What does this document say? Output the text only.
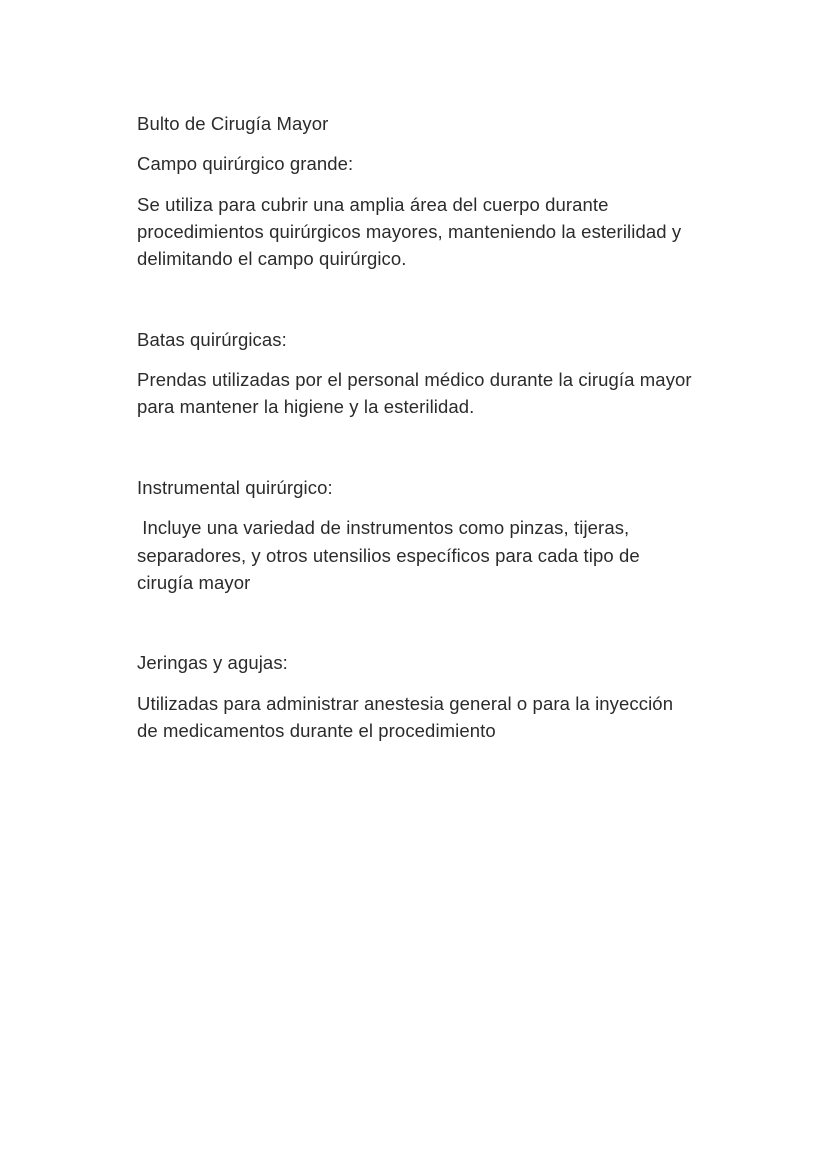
Bulto de Cirugía Mayor
Campo quirúrgico grande:
Se utiliza para cubrir una amplia área del cuerpo durante
procedimientos quirúrgicos mayores, manteniendo la esterilidad y
delimitando el campo quirúrgico.
Batas quirúrgicas:
Prendas utilizadas por el personal médico durante la cirugía mayor
para mantener la higiene y la esterilidad.
Instrumental quirúrgico:
Incluye una variedad de instrumentos como pinzas, tijeras,
separadores, y otros utensilios específicos para cada tipo de
cirugía mayor
Jeringas y agujas:
Utilizadas para administrar anestesia general o para la inyección
de medicamentos durante el procedimiento
